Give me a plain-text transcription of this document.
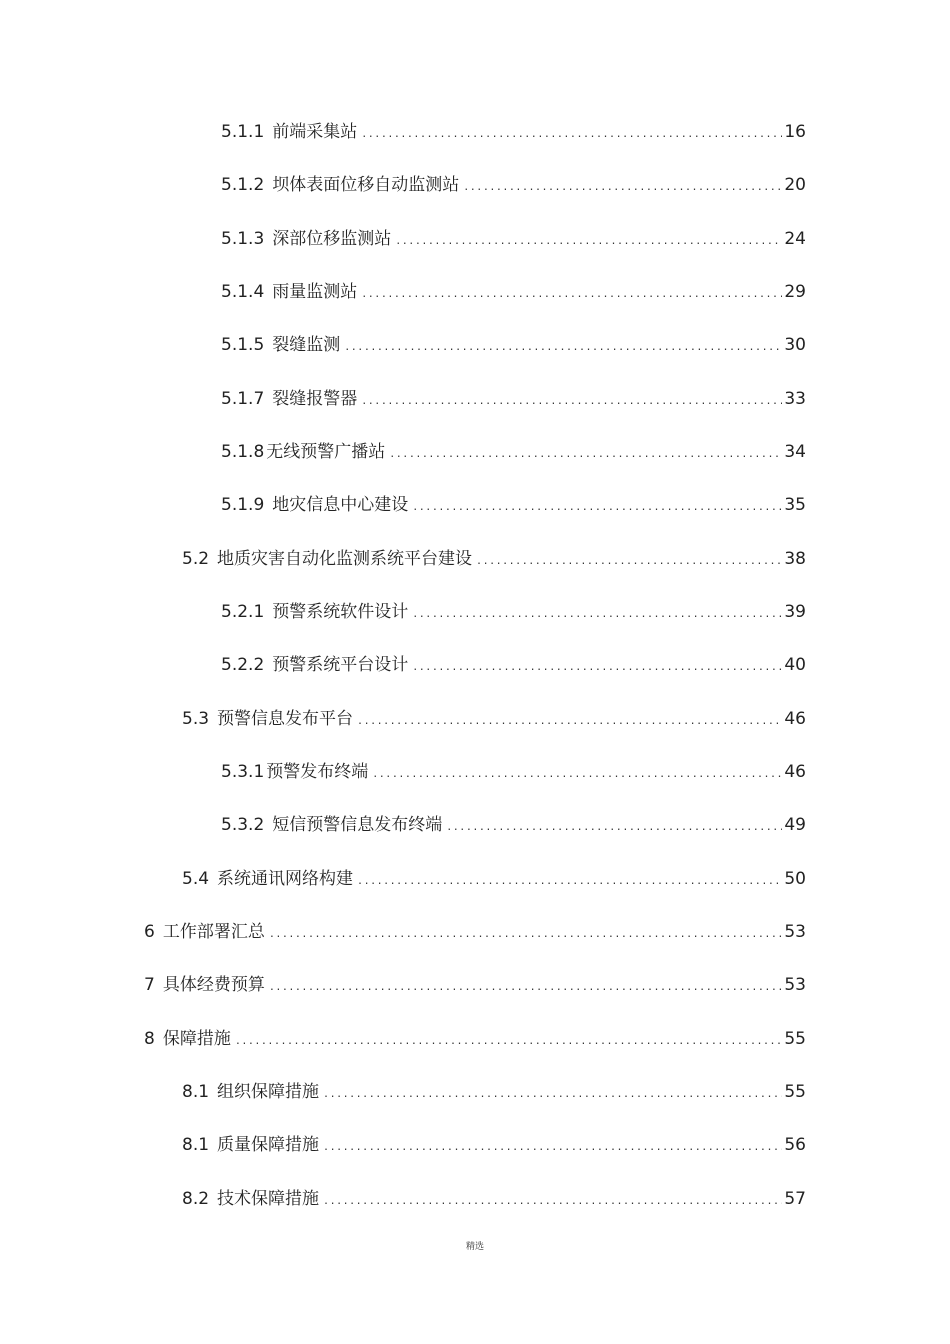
5.1.1 前端采集站 .....	16
5.1.2 坝体表面位移自动监测站 .....	20
5.1.3 深部位移监测站 .....	24
5.1.4 雨量监测站 .....	29
5.1.5 裂缝监测 .....	30
5.1.7 裂缝报警器 .....	33
5.1.8 无线预警广播站 .....	34
5.1.9 地灾信息中心建设 .....	35
5.2 地质灾害自动化监测系统平台建设 .....	38
5.2.1 预警系统软件设计 .....	39
5.2.2 预警系统平台设计 .....	40
5.3 预警信息发布平台 .....	46
5.3.1 预警发布终端 .....	46
5.3.2 短信预警信息发布终端 .....	49
5.4 系统通讯网络构建 .....	50
6 工作部署汇总 .....	53
7 具体经费预算 .....	53
8 保障措施 .....	55
8.1 组织保障措施 .....	55
8.1 质量保障措施 .....	56
8.2 技术保障措施 .....	57
精选
